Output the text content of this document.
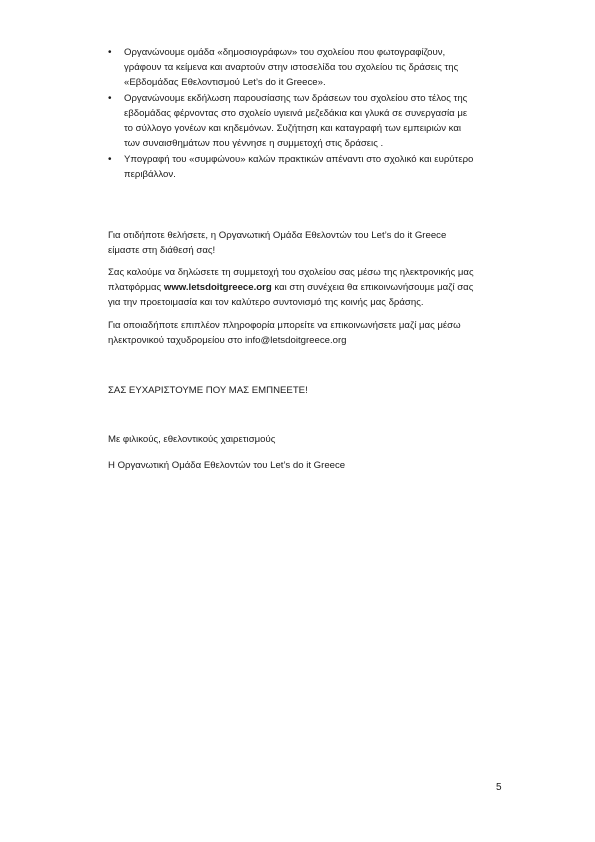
•	Οργανώνουμε ομάδα «δημοσιογράφων» του σχολείου που φωτογραφίζουν,
γράφουν τα κείμενα και αναρτούν στην ιστοσελίδα του σχολείου τις δράσεις της
«Εβδομάδας Εθελοντισμού Let’s do it Greece».
•	Οργανώνουμε εκδήλωση παρουσίασης των δράσεων του σχολείου στο τέλος της
εβδομάδας φέρνοντας στο σχολείο υγιεινά μεζεδάκια και γλυκά σε συνεργασία με
το σύλλογο γονέων και κηδεμόνων. Συζήτηση και καταγραφή των εμπειριών και
των συναισθημάτων που γέννησε η συμμετοχή στις δράσεις .
•	Υπογραφή του «συμφώνου» καλών πρακτικών απέναντι στο σχολικό και ευρύτερο
περιβάλλον.
Για οτιδήποτε θελήσετε, η Οργανωτική Ομάδα Εθελοντών του Let’s do it Greece
είμαστε στη διάθεσή σας!
Σας καλούμε να δηλώσετε τη συμμετοχή του σχολείου σας μέσω της ηλεκτρονικής μας
πλατφόρμας www.letsdoitgreece.org και στη συνέχεια θα επικοινωνήσουμε μαζί σας
για την προετοιμασία και τον καλύτερο συντονισμό της κοινής μας δράσης.
Για οποιαδήποτε επιπλέον πληροφορία μπορείτε να επικοινωνήσετε μαζί μας μέσω
ηλεκτρονικού ταχυδρομείου στο info@letsdoitgreece.org

ΣΑΣ ΕΥΧΑΡΙΣΤΟΥΜΕ ΠΟΥ ΜΑΣ ΕΜΠΝΕΕΤΕ!

Με φιλικούς, εθελοντικούς χαιρετισμούς

Η Οργανωτική Ομάδα Εθελοντών του Let’s do it Greece

5
